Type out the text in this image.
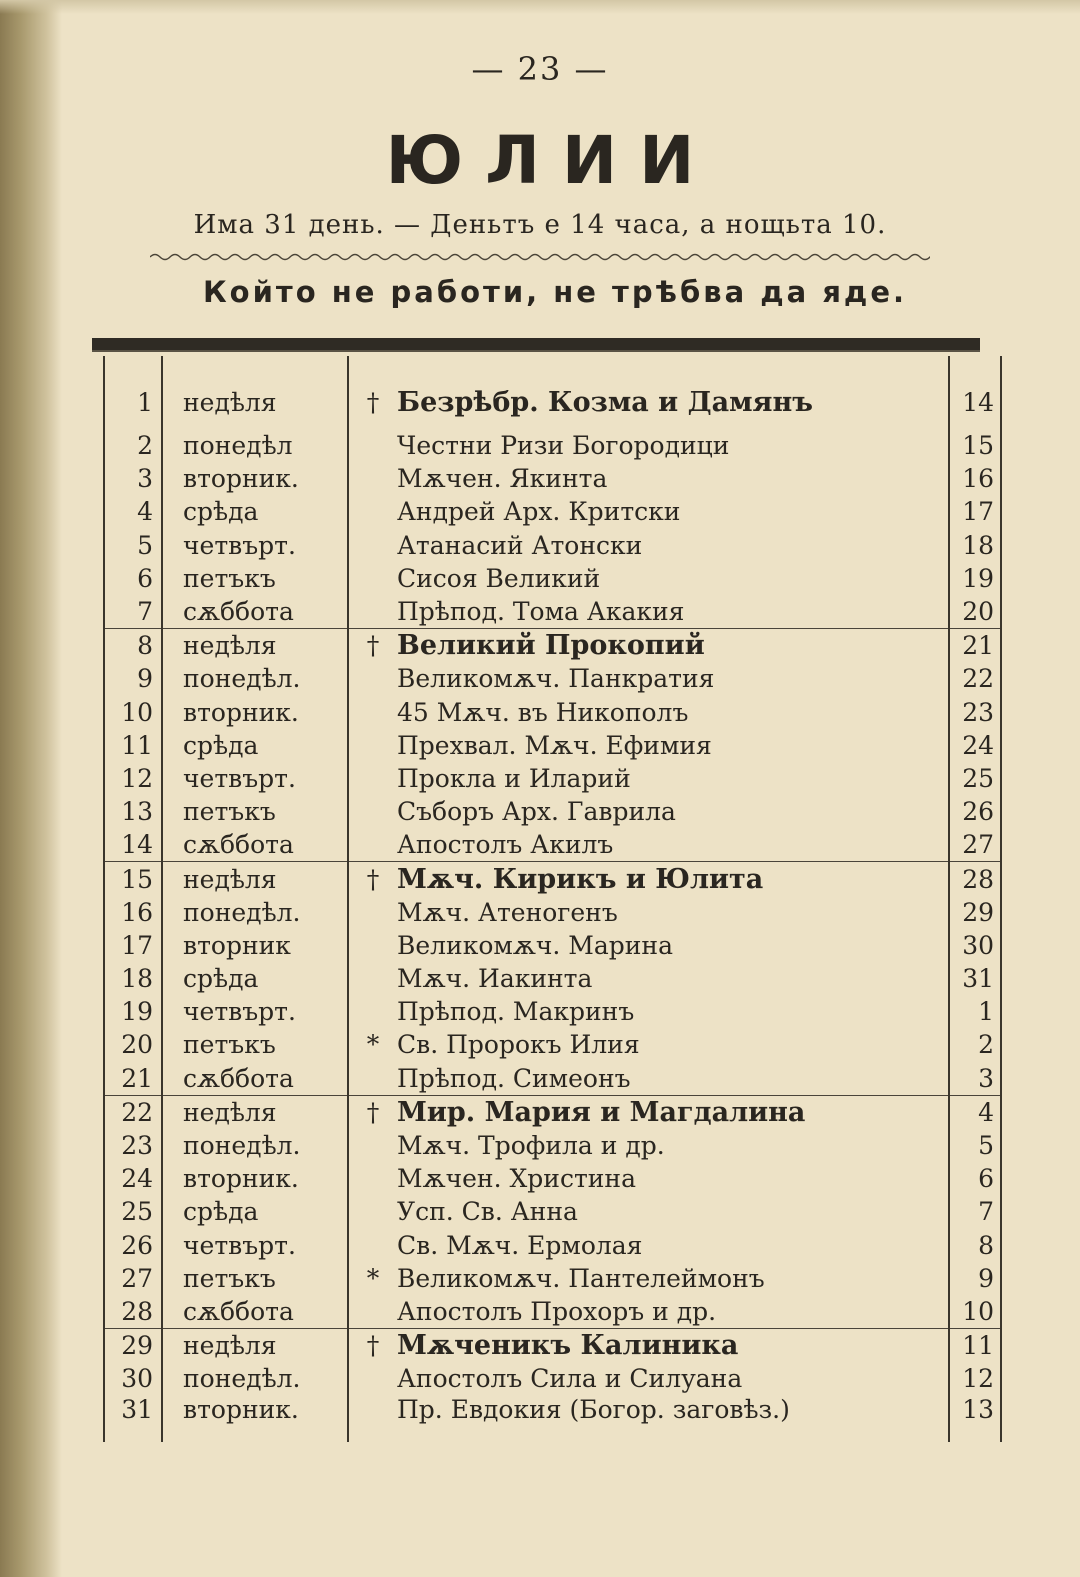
— 23 —
ЮЛИИ
Има 31 день. — Деньтъ е 14 часа, а нощьта 10.
Който не работи, не трѣбва да яде.
1	недѣля	†	Безрѣбр. Козма и Дамянъ	14
2	понедѣл		Честни Ризи Богородици	15
3	вторник.		Мѫчен. Якинта	16
4	срѣда		Андрей Арх. Критски	17
5	четвърт.		Атанасий Атонски	18
6	петъкъ		Сисоя Великий	19
7	сѫббота		Прѣпод. Тома Акакия	20
8	недѣля	†	Великий Прокопий	21
9	понедѣл.		Великомѫч. Панкратия	22
10	вторник.		45 Мѫч. въ Никополъ	23
11	срѣда		Прехвал. Мѫч. Ефимия	24
12	четвърт.		Прокла и Иларий	25
13	петъкъ		Съборъ Арх. Гаврила	26
14	сѫббота		Апостолъ Акилъ	27
15	недѣля	†	Мѫч. Кирикъ и Юлита	28
16	понедѣл.		Мѫч. Атеногенъ	29
17	вторник		Великомѫч. Марина	30
18	срѣда		Мѫч. Иакинта	31
19	четвърт.		Прѣпод. Макринъ	1
20	петъкъ	*	Св. Пророкъ Илия	2
21	сѫббота		Прѣпод. Симеонъ	3
22	недѣля	†	Мир. Мария и Магдалина	4
23	понедѣл.		Мѫч. Трофила и др.	5
24	вторник.		Мѫчен. Христина	6
25	срѣда		Усп. Св. Анна	7
26	четвърт.		Св. Мѫч. Ермолая	8
27	петъкъ	*	Великомѫч. Пантелеймонъ	9
28	сѫббота		Апостолъ Прохоръ и др.	10
29	недѣля	†	Мѫченикъ Калиника	11
30	понедѣл.		Апостолъ Сила и Силуана	12
31	вторник.		Пр. Евдокия (Богор. заговѣз.)	13
